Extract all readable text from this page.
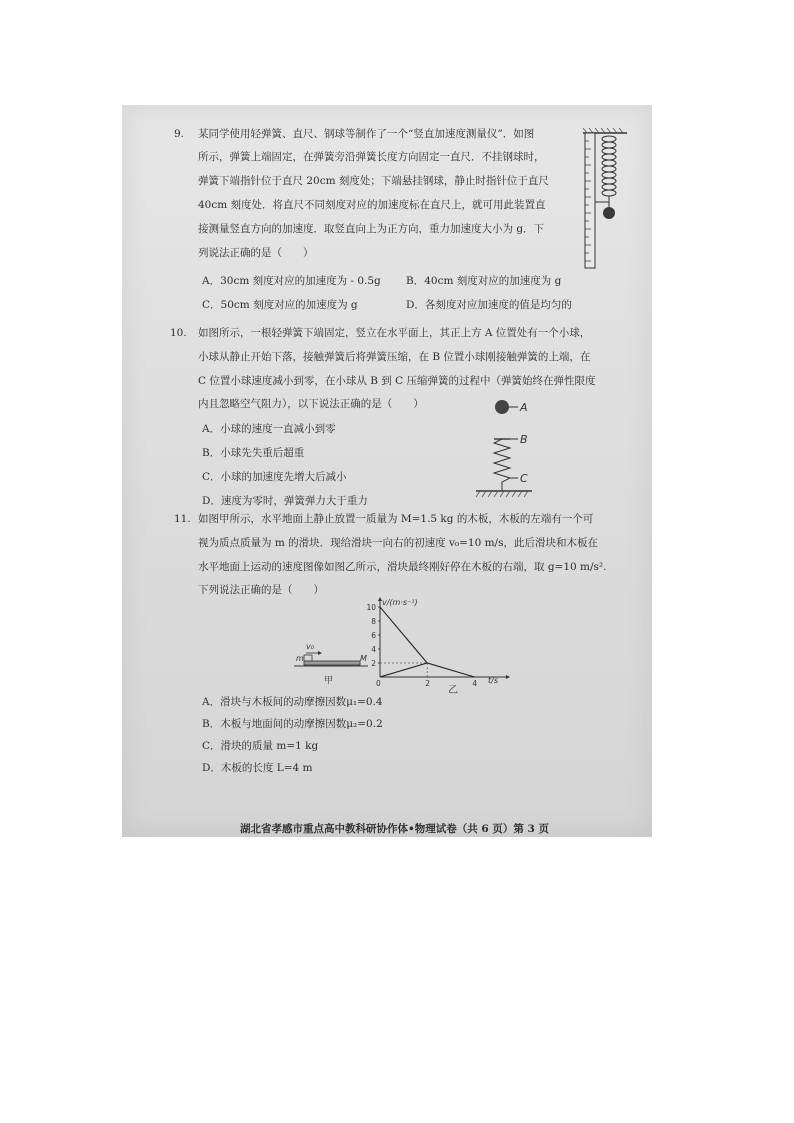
9. 某同学使用轻弹簧、直尺、钢球等制作了一个“竖直加速度测量仪”．如图
所示，弹簧上端固定，在弹簧旁沿弹簧长度方向固定一直尺．不挂钢球时，
弹簧下端指针位于直尺 20cm 刻度处；下端悬挂钢球，静止时指针位于直尺
40cm 刻度处．将直尺不同刻度对应的加速度标在直尺上，就可用此装置直
接测量竖直方向的加速度．取竖直向上为正方向，重力加速度大小为 g．下
列说法正确的是（　　）
A．30cm 刻度对应的加速度为 - 0.5g B．40cm 刻度对应的加速度为 g
C．50cm 刻度对应的加速度为 g	D．各刻度对应加速度的值是均匀的
10. 如图所示，一根轻弹簧下端固定，竖立在水平面上，其正上方 A 位置处有一个小球，
小球从静止开始下落，接触弹簧后将弹簧压缩，在 B 位置小球刚接触弹簧的上端，在
C 位置小球速度减小到零，在小球从 B 到 C 压缩弹簧的过程中（弹簧始终在弹性限度
内且忽略空气阻力），以下说法正确的是（　　）
A．小球的速度一直减小到零
B．小球先失重后超重
C．小球的加速度先增大后减小
D．速度为零时，弹簧弹力大于重力
A
B
C
11. 如图甲所示，水平地面上静止放置一质量为 M=1.5 kg 的木板，木板的左端有一个可
视为质点质量为 m 的滑块．现给滑块一向右的初速度 v₀=10 m/s，此后滑块和木板在
水平地面上运动的速度图像如图乙所示，滑块最终刚好停在木板的右端，取 g=10 m/s².
下列说法正确的是（　　）
v₀
m	M
甲
2
4
6
8
10
0	2	4
v/(m·s⁻¹)
t/s
乙
A．滑块与木板间的动摩擦因数μ₁=0.4
B．木板与地面间的动摩擦因数μ₂=0.2
C．滑块的质量 m=1 kg
D．木板的长度 L=4 m
湖北省孝感市重点高中教科研协作体•物理试卷（共 6 页）第 3 页
